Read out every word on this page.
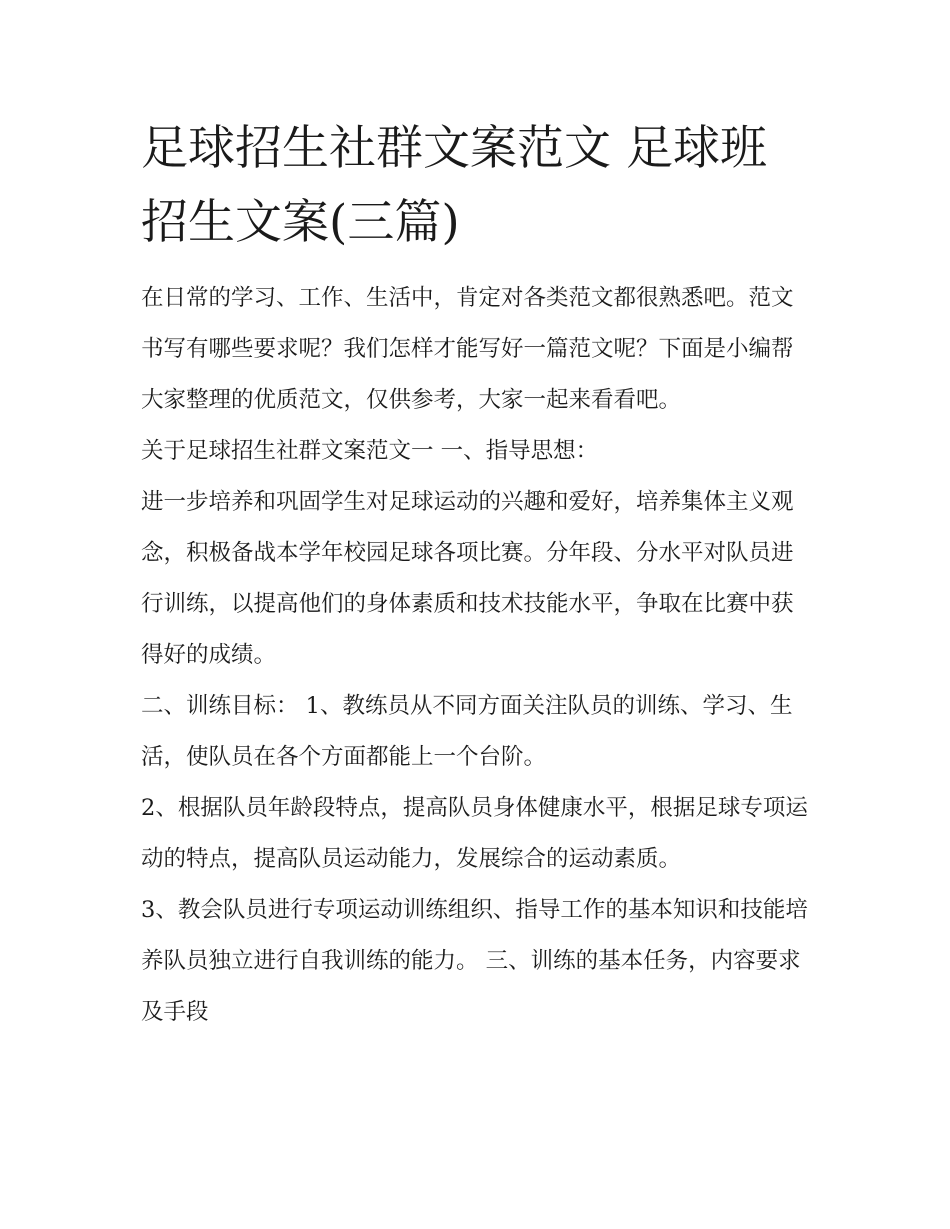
足球招生社群文案范文 足球班招生文案(三篇)

在日常的学习、工作、生活中，肯定对各类范文都很熟悉吧。范文书写有哪些要求呢？我们怎样才能写好一篇范文呢？下面是小编帮大家整理的优质范文，仅供参考，大家一起来看看吧。

关于足球招生社群文案范文一 一、指导思想：

进一步培养和巩固学生对足球运动的兴趣和爱好，培养集体主义观念，积极备战本学年校园足球各项比赛。分年段、分水平对队员进行训练，以提高他们的身体素质和技术技能水平，争取在比赛中获得好的成绩。

二、训练目标： 1、教练员从不同方面关注队员的训练、学习、生活，使队员在各个方面都能上一个台阶。

2、根据队员年龄段特点，提高队员身体健康水平，根据足球专项运动的特点，提高队员运动能力，发展综合的运动素质。

3、教会队员进行专项运动训练组织、指导工作的基本知识和技能培养队员独立进行自我训练的能力。 三、训练的基本任务，内容要求及手段
